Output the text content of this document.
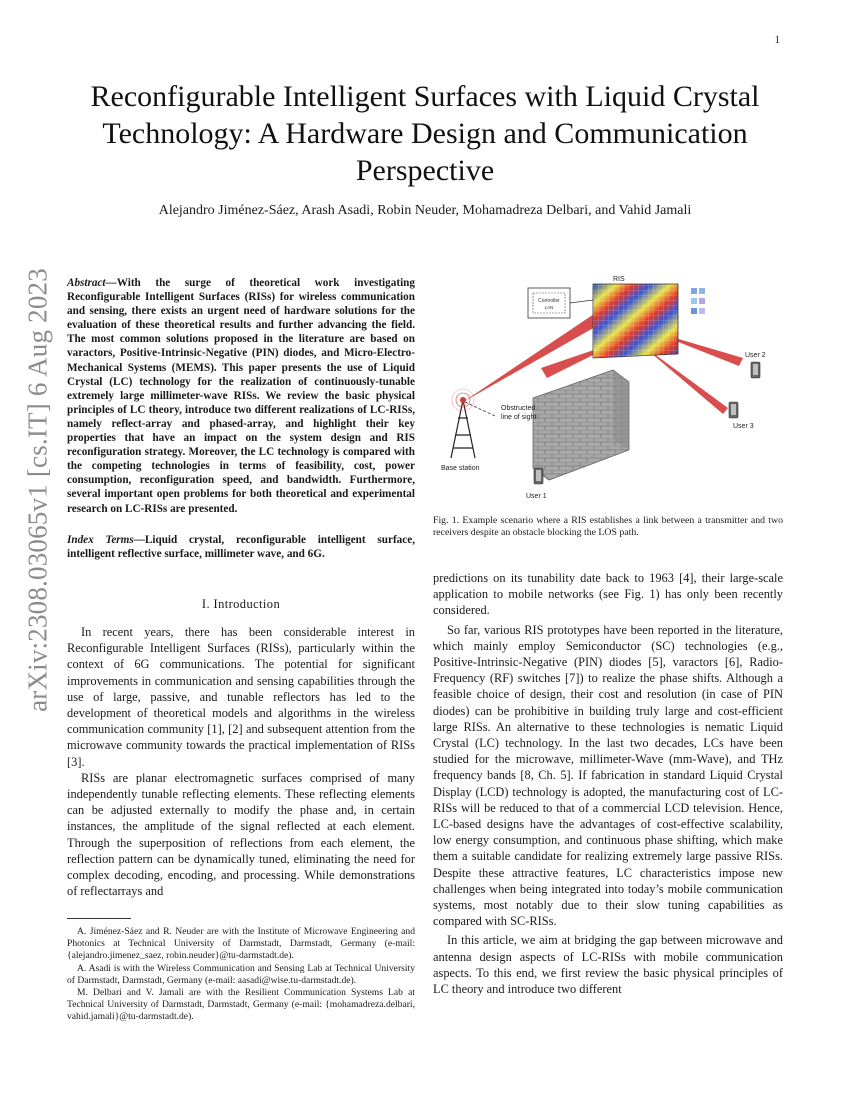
1
arXiv:2308.03065v1 [cs.IT] 6 Aug 2023
Reconfigurable Intelligent Surfaces with Liquid Crystal Technology: A Hardware Design and Communication Perspective

Alejandro Jiménez-Sáez, Arash Asadi, Robin Neuder, Mohamadreza Delbari, and Vahid Jamali

Abstract—With the surge of theoretical work investigating Reconfigurable Intelligent Surfaces (RISs) for wireless communication and sensing, there exists an urgent need of hardware solutions for the evaluation of these theoretical results and further advancing the field. The most common solutions proposed in the literature are based on varactors, Positive-Intrinsic-Negative (PIN) diodes, and Micro-Electro-Mechanical Systems (MEMS). This paper presents the use of Liquid Crystal (LC) technology for the realization of continuously-tunable extremely large millimeter-wave RISs. We review the basic physical principles of LC theory, introduce two different realizations of LC-RISs, namely reflect-array and phased-array, and highlight their key properties that have an impact on the system design and RIS reconfiguration strategy. Moreover, the LC technology is compared with the competing technologies in terms of feasibility, cost, power consumption, reconfiguration speed, and bandwidth. Furthermore, several important open problems for both theoretical and experimental research on LC-RISs are presented.

Index Terms—Liquid crystal, reconfigurable intelligent surface, intelligent reflective surface, millimeter wave, and 6G.

I. Introduction

In recent years, there has been considerable interest in Reconfigurable Intelligent Surfaces (RISs), particularly within the context of 6G communications. The potential for significant improvements in communication and sensing capabilities through the use of large, passive, and tunable reflectors has led to the development of theoretical models and algorithms in the wireless communication community [1], [2] and subsequent attention from the microwave community towards the practical implementation of RISs [3].

RISs are planar electromagnetic surfaces comprised of many independently tunable reflecting elements. These reflecting elements can be adjusted externally to modify the phase and, in certain instances, the amplitude of the signal reflected at each element. Through the superposition of reflections from each element, the reflection pattern can be dynamically tuned, eliminating the need for complex decoding, encoding, and processing. While demonstrations of reflectarrays and

A. Jiménez-Sáez and R. Neuder are with the Institute of Microwave Engineering and Photonics at Technical University of Darmstadt, Darmstadt, Germany (e-mail: {alejandro.jimenez_saez, robin.neuder}@tu-darmstadt.de).

A. Asadi is with the Wireless Communication and Sensing Lab at Technical University of Darmstadt, Darmstadt, Germany (e-mail: aasadi@wise.tu-darmstadt.de).

M. Delbari and V. Jamali are with the Resilient Communication Systems Lab at Technical University of Darmstadt, Darmstadt, Germany (e-mail: {mohamadreza.delbari, vahid.jamali}@tu-darmstadt.de).

Controller
LAN
RIS
Base station
Obstructed
line of sight
User 1
User 2
User 3

Fig. 1. Example scenario where a RIS establishes a link between a transmitter and two receivers despite an obstacle blocking the LOS path.

predictions on its tunability date back to 1963 [4], their large-scale application to mobile networks (see Fig. 1) has only been recently considered.

So far, various RIS prototypes have been reported in the literature, which mainly employ Semiconductor (SC) technologies (e.g., Positive-Intrinsic-Negative (PIN) diodes [5], varactors [6], Radio-Frequency (RF) switches [7]) to realize the phase shifts. Although a feasible choice of design, their cost and resolution (in case of PIN diodes) can be prohibitive in building truly large and cost-efficient large RISs. An alternative to these technologies is nematic Liquid Crystal (LC) technology. In the last two decades, LCs have been studied for the microwave, millimeter-Wave (mm-Wave), and THz frequency bands [8, Ch. 5]. If fabrication in standard Liquid Crystal Display (LCD) technology is adopted, the manufacturing cost of LC-RISs will be reduced to that of a commercial LCD television. Hence, LC-based designs have the advantages of cost-effective scalability, low energy consumption, and continuous phase shifting, which make them a suitable candidate for realizing extremely large passive RISs. Despite these attractive features, LC characteristics impose new challenges when being integrated into today’s mobile communication systems, most notably due to their slow tuning capabilities as compared with SC-RISs.

In this article, we aim at bridging the gap between microwave and antenna design aspects of LC-RISs with mobile communication aspects. To this end, we first review the basic physical principles of LC theory and introduce two different
